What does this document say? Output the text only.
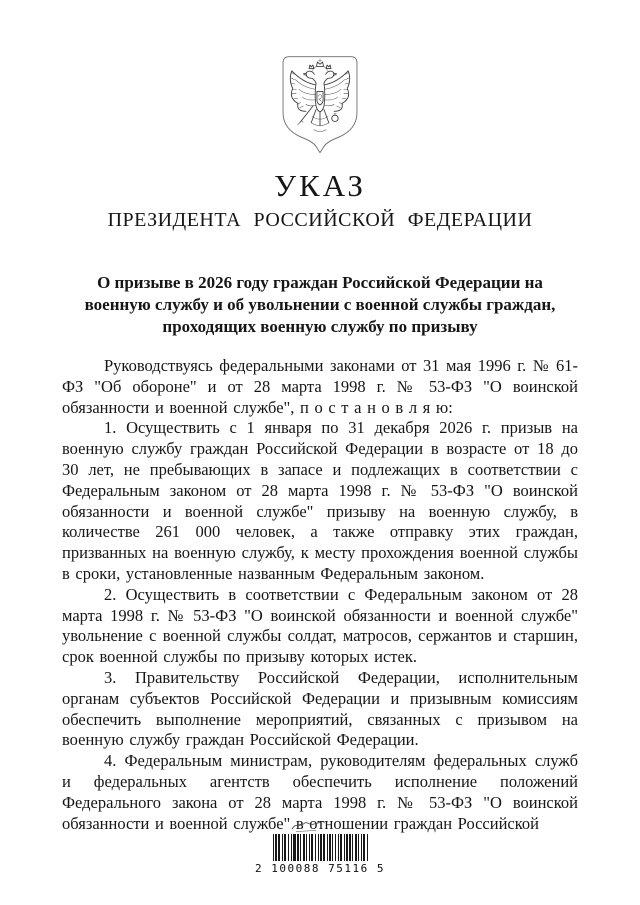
УКАЗ
ПРЕЗИДЕНТА РОССИЙСКОЙ ФЕДЕРАЦИИ
О призыве в 2026 году граждан Российской Федерации на военную службу и об увольнении с военной службы граждан, проходящих военную службу по призыву

Руководствуясь федеральными законами от 31 мая 1996 г. № 61-ФЗ "Об обороне" и от 28 марта 1998 г. № 53-ФЗ "О воинской обязанности и военной службе", п о с т а н о в л я ю:

1. Осуществить с 1 января по 31 декабря 2026 г. призыв на военную службу граждан Российской Федерации в возрасте от 18 до 30 лет, не пребывающих в запасе и подлежащих в соответствии с Федеральным законом от 28 марта 1998 г. № 53-ФЗ "О воинской обязанности и военной службе" призыву на военную службу, в количестве 261 000 человек, а также отправку этих граждан, призванных на военную службу, к месту прохождения военной службы в сроки, установленные названным Федеральным законом.

2. Осуществить в соответствии с Федеральным законом от 28 марта 1998 г. № 53-ФЗ "О воинской обязанности и военной службе" увольнение с военной службы солдат, матросов, сержантов и старшин, срок военной службы по призыву которых истек.

3. Правительству Российской Федерации, исполнительным органам субъектов Российской Федерации и призывным комиссиям обеспечить выполнение мероприятий, связанных с призывом на военную службу граждан Российской Федерации.

4. Федеральным министрам, руководителям федеральных служб и федеральных агентств обеспечить исполнение положений Федерального закона от 28 марта 1998 г. № 53-ФЗ "О воинской обязанности и военной службе" в отношении граждан Российской

2 100088 75116 5
